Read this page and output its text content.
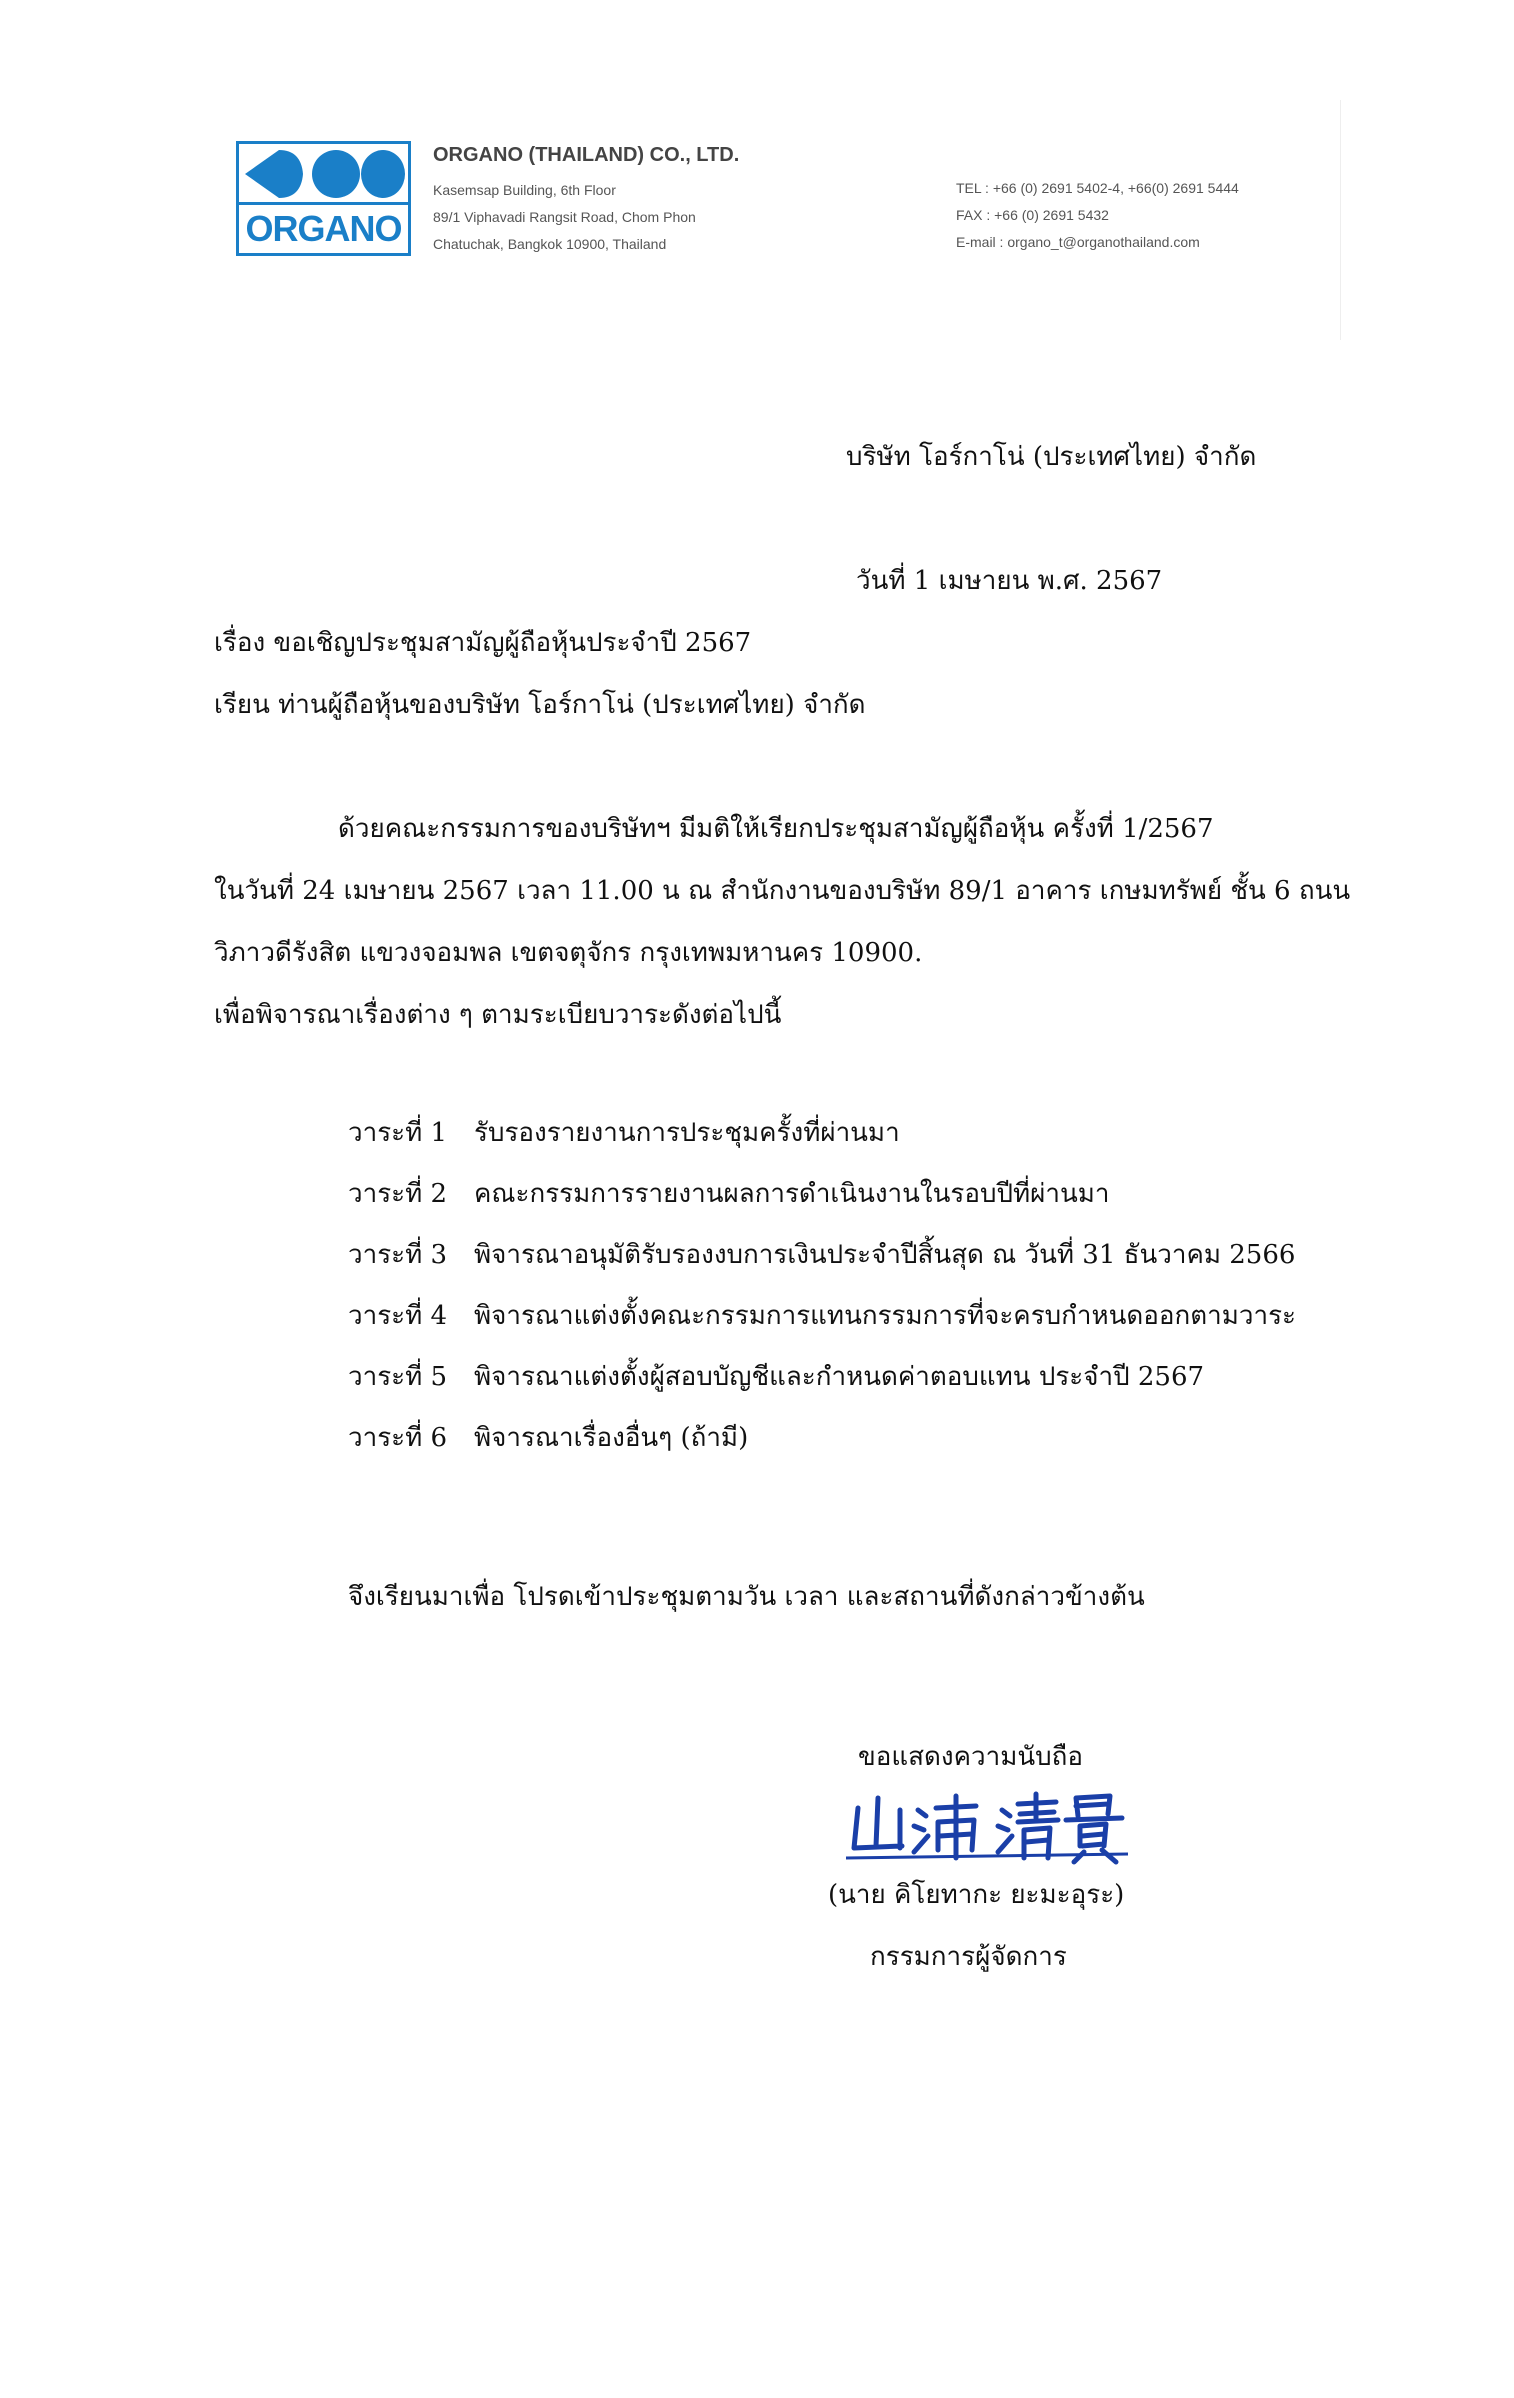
ORGANO
ORGANO (THAILAND) CO., LTD.
Kasemsap Building, 6th Floor
89/1 Viphavadi Rangsit Road, Chom Phon
Chatuchak, Bangkok 10900, Thailand
TEL : +66 (0) 2691 5402-4, +66(0) 2691 5444
FAX : +66 (0) 2691 5432
E-mail : organo_t@organothailand.com
บริษัท โอร์กาโน่ (ประเทศไทย) จำกัด
วันที่ 1 เมษายน พ.ศ. 2567
เรื่อง ขอเชิญประชุมสามัญผู้ถือหุ้นประจำปี 2567
เรียน ท่านผู้ถือหุ้นของบริษัท โอร์กาโน่ (ประเทศไทย) จำกัด
ด้วยคณะกรรมการของบริษัทฯ มีมติให้เรียกประชุมสามัญผู้ถือหุ้น ครั้งที่ 1/2567
ในวันที่ 24 เมษายน 2567 เวลา 11.00 น ณ สำนักงานของบริษัท 89/1 อาคาร เกษมทรัพย์ ชั้น 6 ถนน
วิภาวดีรังสิต แขวงจอมพล เขตจตุจักร กรุงเทพมหานคร 10900.
เพื่อพิจารณาเรื่องต่าง ๆ ตามระเบียบวาระดังต่อไปนี้
วาระที่ 1 รับรองรายงานการประชุมครั้งที่ผ่านมา
วาระที่ 2 คณะกรรมการรายงานผลการดำเนินงานในรอบปีที่ผ่านมา
วาระที่ 3 พิจารณาอนุมัติรับรองงบการเงินประจำปีสิ้นสุด ณ วันที่ 31 ธันวาคม 2566
วาระที่ 4 พิจารณาแต่งตั้งคณะกรรมการแทนกรรมการที่จะครบกำหนดออกตามวาระ
วาระที่ 5 พิจารณาแต่งตั้งผู้สอบบัญชีและกำหนดค่าตอบแทน ประจำปี 2567
วาระที่ 6 พิจารณาเรื่องอื่นๆ (ถ้ามี)
จึงเรียนมาเพื่อ โปรดเข้าประชุมตามวัน เวลา และสถานที่ดังกล่าวข้างต้น
ขอแสดงความนับถือ
(นาย คิโยทากะ ยะมะอุระ)
กรรมการผู้จัดการ
